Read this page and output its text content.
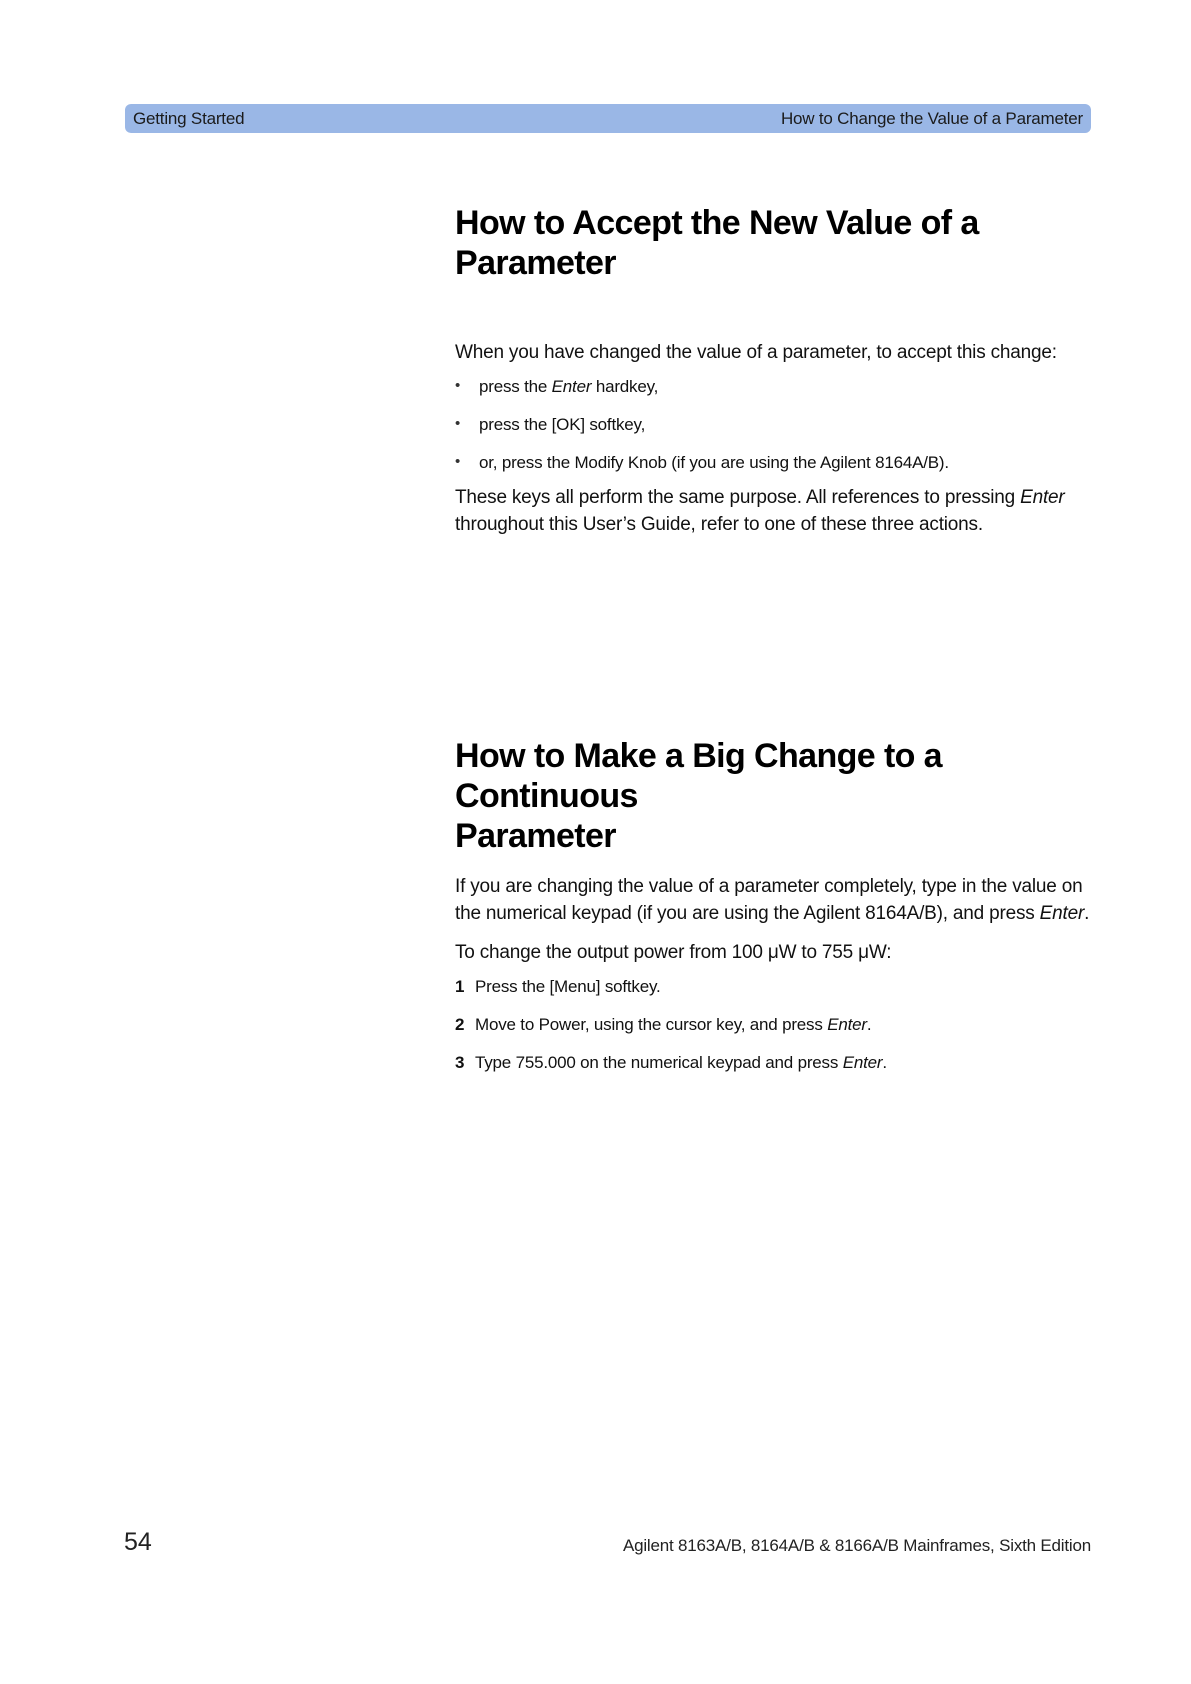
Getting Started	How to Change the Value of a Parameter
How to Accept the New Value of a
Parameter

When you have changed the value of a parameter, to accept this change:

• press the Enter hardkey,
• press the [OK] softkey,
• or, press the Modify Knob (if you are using the Agilent 8164A/B).

These keys all perform the same purpose. All references to pressing Enter throughout this User’s Guide, refer to one of these three actions.

How to Make a Big Change to a Continuous
Parameter

If you are changing the value of a parameter completely, type in the value on the numerical keypad (if you are using the Agilent 8164A/B), and press Enter.

To change the output power from 100 μW to 755 μW:

1 Press the [Menu] softkey.
2 Move to Power, using the cursor key, and press Enter.
3 Type 755.000 on the numerical keypad and press Enter.
54	Agilent 8163A/B, 8164A/B & 8166A/B Mainframes, Sixth Edition
